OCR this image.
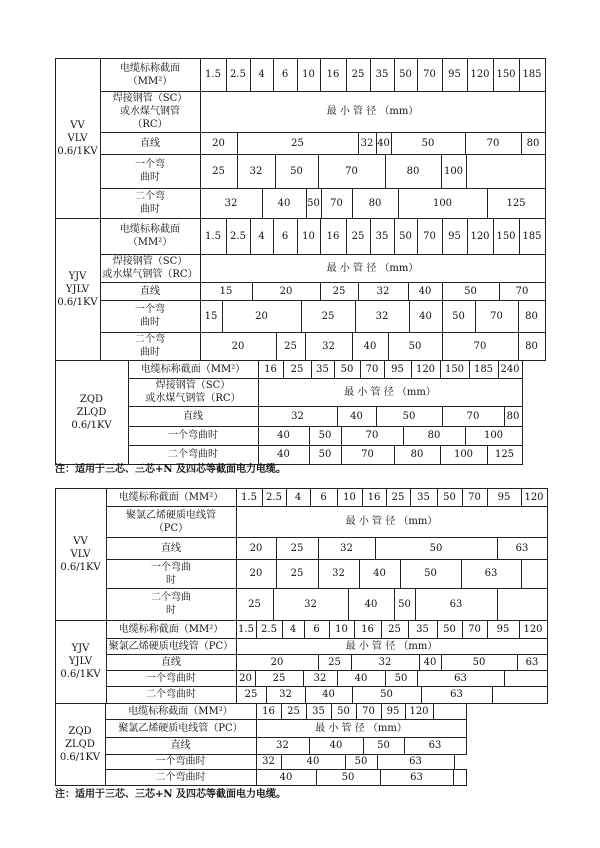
VV
VLV
0.6/1KV
电缆标称截面
（MM²）
1.5 2.5	4	6	10	16	25	35	50	70	95 120 150 185
焊接钢管（SC）
或水煤气钢管
（RC）
最 小 管 径 （mm）
直线	20	25	32 40	50	70	80
一个弯
曲时
25	32	50	70	80	100
二个弯
曲时
32	40	50	70	80	100	125
YJV
YJLV
0.6/1KV
电缆标称截面
（MM²）
1.5 2.5	4	6	10	16	25	35	50	70	95 120 150 185
焊接钢管（SC）
或水煤气钢管（RC）
最 小 管 径 （mm）
直线	15	20	25	32	40	50	70
一个弯
曲时
15	20	25	32	40	50	70	80
二个弯
曲时
20	25	32	40	50	70	80
ZQD
ZLQD
0.6/1KV
电缆标称截面（MM²）	16	25	35	50	70	95	120 150 185 240
焊接钢管（SC）
或水煤气钢管（RC）
最 小 管 径 （mm）
直线	32	40	50	70	80
一个弯曲时	40	50	70	80	100
二个弯曲时	40	50	70	80	100	125
注：适用于三芯、三芯+N 及四芯等截面电力电缆。
VV
VLV
0.6/1KV
电缆标称截面（MM²）	1.5 2.5	4	6	10	16	25	35	50	70	95	120
聚氯乙烯硬质电线管
（PC）
最 小 管 径 （mm）
直线	20	25	32	50	63
一个弯曲
时
20	25	32	40	50	63
二个弯曲
时
25	32	40	50	63
YJV
YJLV
0.6/1KV
电缆标称截面（MM²）	1.5 2.5	4	6	10	16	25	35	50	70	95	120
聚氯乙烯硬质电线管（PC）	最 小 管 径 （mm）
直线	20	25	32	40	50	63
一个弯曲时	20	25	32	40	50	63
二个弯曲时	25	32	40	50	63
ZQD
ZLQD
0.6/1KV
电缆标称截面（MM²）	16	25	35	50	70	95	120
聚氯乙烯硬质电线管（PC）	最 小 管 径 （mm）
直线	32	40	50	63
一个弯曲时	32	40	50	63
二个弯曲时	40	50	63
注：适用于三芯、三芯+N 及四芯等截面电力电缆。
